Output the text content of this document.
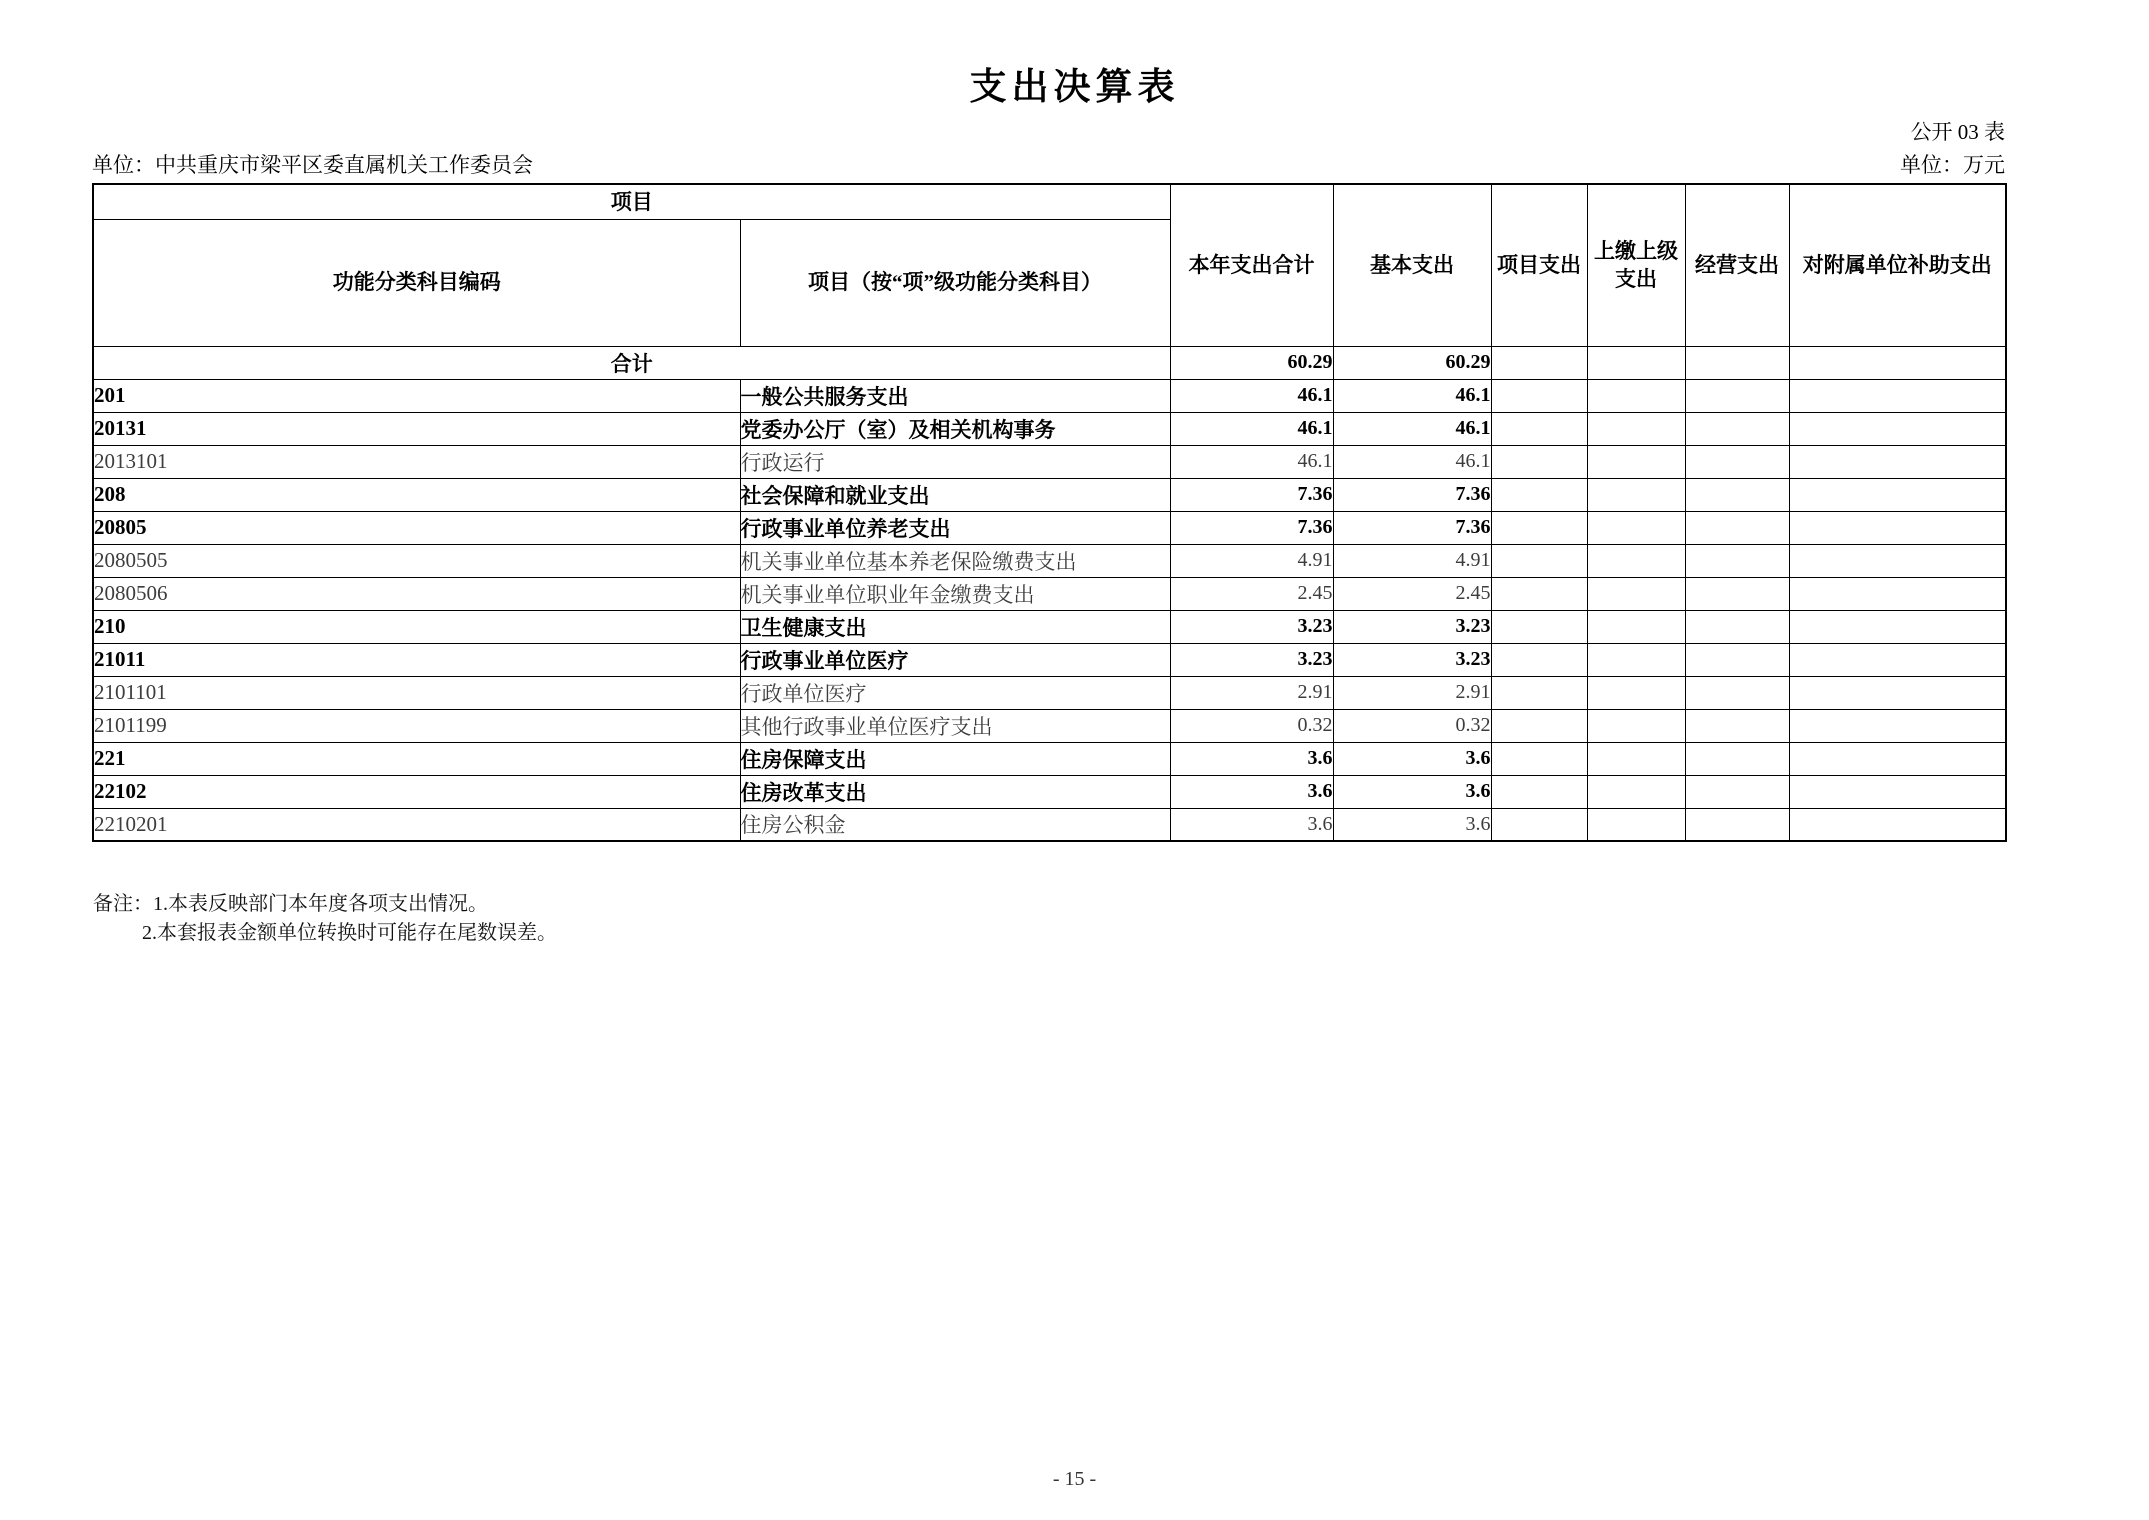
支出决算表
公开 03 表
单位：中共重庆市梁平区委直属机关工作委员会	单位：万元
项目		本年支出合计	基本支出	项目支出	上缴上级支出	经营支出	对附属单位补助支出
功能分类科目编码	项目（按“项”级功能分类科目）						
合计		60.29	60.29				
201	一般公共服务支出	46.1	46.1				
20131	党委办公厅（室）及相关机构事务	46.1	46.1				
2013101	行政运行	46.1	46.1				
208	社会保障和就业支出	7.36	7.36				
20805	行政事业单位养老支出	7.36	7.36				
2080505	机关事业单位基本养老保险缴费支出	4.91	4.91				
2080506	机关事业单位职业年金缴费支出	2.45	2.45				
210	卫生健康支出	3.23	3.23				
21011	行政事业单位医疗	3.23	3.23				
2101101	行政单位医疗	2.91	2.91				
2101199	其他行政事业单位医疗支出	0.32	0.32				
221	住房保障支出	3.6	3.6				
22102	住房改革支出	3.6	3.6				
2210201	住房公积金	3.6	3.6				
备注：1.本表反映部门本年度各项支出情况。
2.本套报表金额单位转换时可能存在尾数误差。
- 15 -
